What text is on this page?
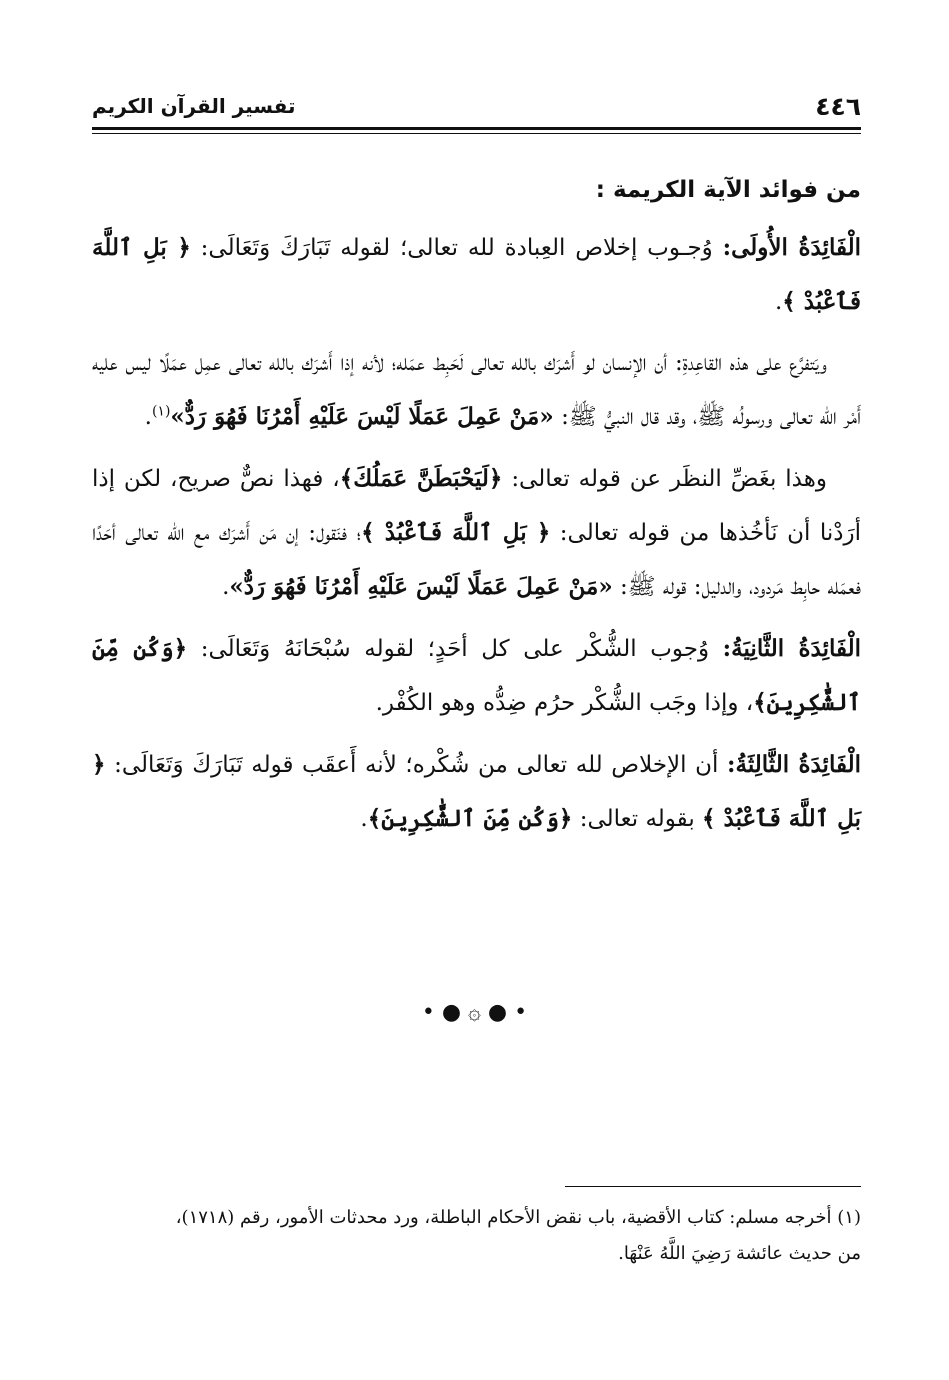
٤٤٦
تفسير القرآن الكريم

من فوائد الآية الكريمة :

الْفَائِدَةُ الأُولَى: وُجـوب إخلاص العِبادة لله تعالى؛ لقوله تَبَارَكَ وَتَعَالَى: ﴿ بَلِ ٱللَّهَ فَٱعْبُدْ ﴾.

ويَتفرَّع على هذه القاعِدةِ: أن الإنسان لو أَشرَك بالله تعالى لَحَبِط عمَله؛ لأنه إذا أَشرَك بالله تعالى عمِل عمَلًا ليس عليه أَمْر الله تعالى ورسولُه ﷺ، وقد قال النبيُّ ﷺ: «مَنْ عَمِلَ عَمَلًا لَيْسَ عَلَيْهِ أَمْرُنَا فَهُوَ رَدٌّ»$^{(١)}$.

وهذا بغَضِّ النظَر عن قوله تعالى: ﴿لَيَحْبَطَنَّ عَمَلُكَ﴾، فهذا نصٌّ صريح، لكن إذا أرَدْنا أن نَأخُذها من قوله تعالى: ﴿ بَلِ ٱللَّهَ فَٱعْبُدْ ﴾؛ فنَقول: إن مَن أَشرَك مع الله تعالى أحَدًا فعمَله حابِط مَردود، والدليل: قوله ﷺ: «مَنْ عَمِلَ عَمَلًا لَيْسَ عَلَيْهِ أَمْرُنَا فَهُوَ رَدٌّ».

الْفَائِدَةُ الثَّانِيَةُ: وُجوب الشُّكْر على كل أحَدٍ؛ لقوله سُبْحَانَهُ وَتَعَالَى: ﴿وَكُن مِّنَ ٱلشَّٰكِرِينَ﴾، وإذا وجَب الشُّكْر حرُم ضِدُّه وهو الكُفْر.

الْفَائِدَةُ الثَّالِثَةُ: أن الإخلاص لله تعالى من شُكْره؛ لأنه أَعقَب قوله تَبَارَكَ وَتَعَالَى: ﴿ بَلِ ٱللَّهَ فَٱعْبُدْ ﴾ بقوله تعالى: ﴿وَكُن مِّنَ ٱلشَّٰكِرِينَ﴾.

• ● ۞ ● •

(١) أخرجه مسلم: كتاب الأقضية، باب نقض الأحكام الباطلة، ورد محدثات الأمور، رقم (١٧١٨)،

من حديث عائشة رَضِيَ اللَّهُ عَنْهَا.
